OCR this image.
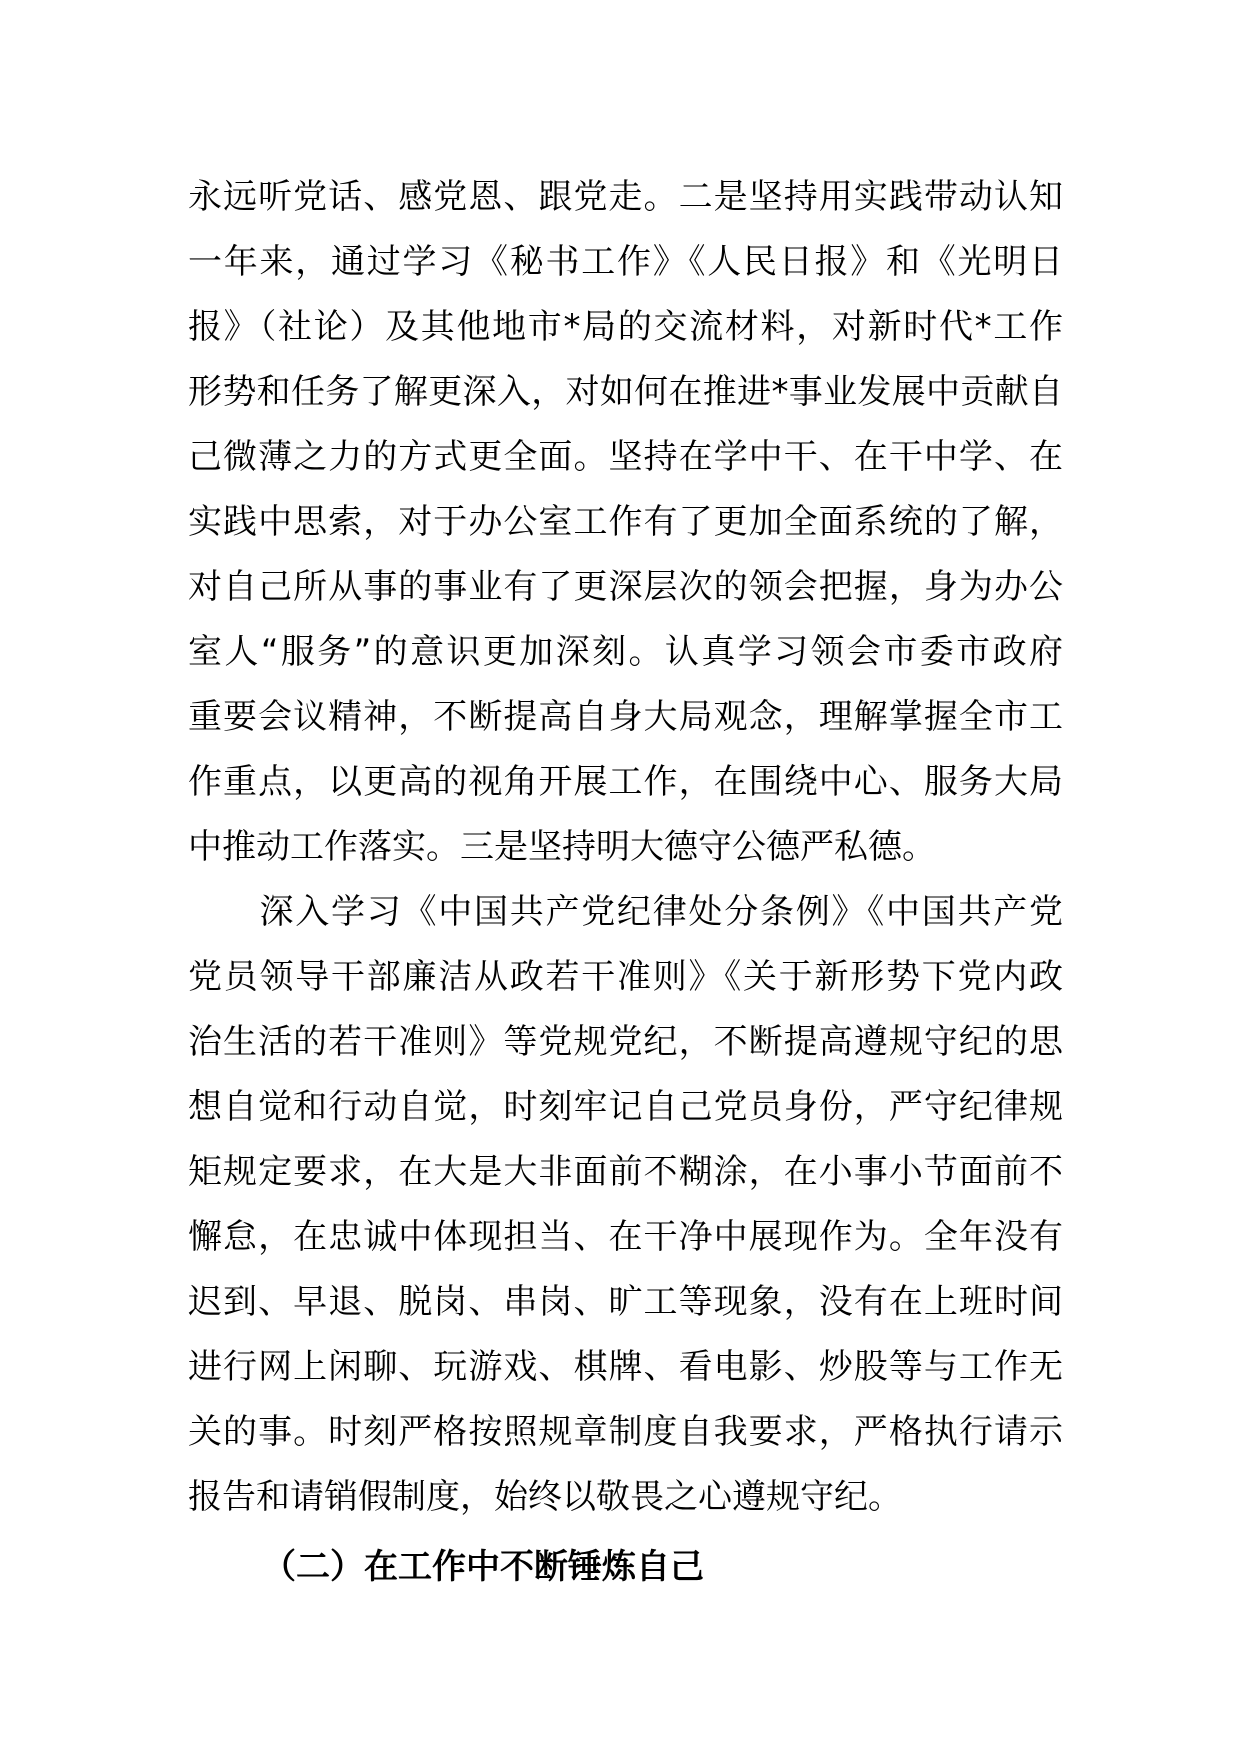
永远听党话、感党恩、跟党走。二是坚持用实践带动认知
一年来，通过学习《秘书工作》《人民日报》和《光明日
报》（社论）及其他地市*局的交流材料，对新时代*工作
形势和任务了解更深入，对如何在推进*事业发展中贡献自
己微薄之力的方式更全面。坚持在学中干、在干中学、在
实践中思索，对于办公室工作有了更加全面系统的了解，
对自己所从事的事业有了更深层次的领会把握，身为办公
室人“服务”的意识更加深刻。认真学习领会市委市政府
重要会议精神，不断提高自身大局观念，理解掌握全市工
作重点，以更高的视角开展工作，在围绕中心、服务大局
中推动工作落实。三是坚持明大德守公德严私德。
　　深入学习《中国共产党纪律处分条例》《中国共产党
党员领导干部廉洁从政若干准则》《关于新形势下党内政
治生活的若干准则》等党规党纪，不断提高遵规守纪的思
想自觉和行动自觉，时刻牢记自己党员身份，严守纪律规
矩规定要求，在大是大非面前不糊涂，在小事小节面前不
懈怠，在忠诚中体现担当、在干净中展现作为。全年没有
迟到、早退、脱岗、串岗、旷工等现象，没有在上班时间
进行网上闲聊、玩游戏、棋牌、看电影、炒股等与工作无
关的事。时刻严格按照规章制度自我要求，严格执行请示
报告和请销假制度，始终以敬畏之心遵规守纪。
（二）在工作中不断锤炼自己
